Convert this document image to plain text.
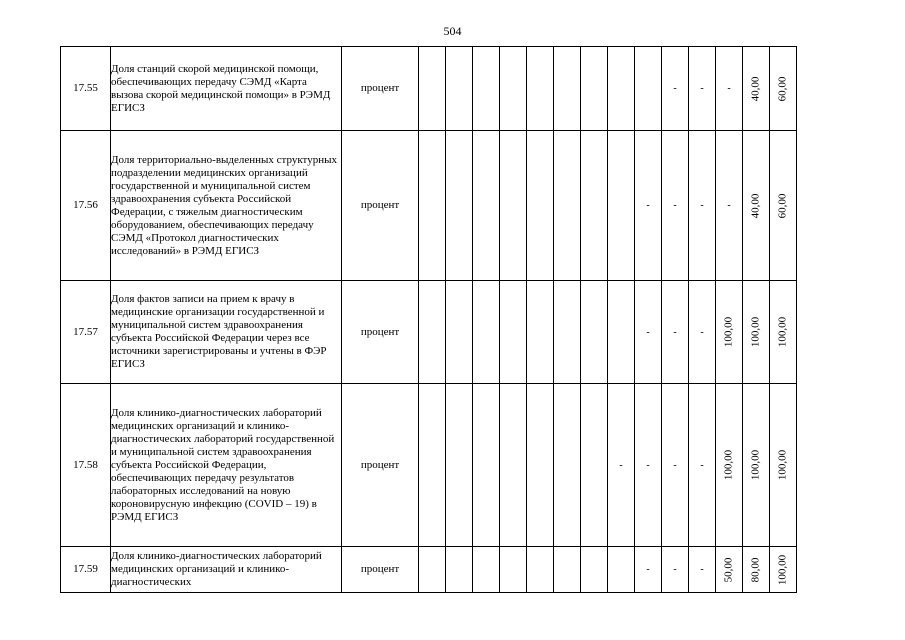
504
17.55	Доля станций скорой медицинской помощи, обеспечивающих передачу СЭМД «Карта вызова скорой медицинской помощи» в РЭМД ЕГИСЗ	процент										-	-	-	40,00	60,00

17.56	Доля территориально-выделенных структурных подразделении медицинских организаций государственной и муниципальной систем здравоохранения субъекта Российской Федерации, с тяжелым диагностическим оборудованием, обеспечивающих передачу СЭМД «Протокол диагностических исследований» в РЭМД ЕГИСЗ	процент									-	-	-	-	40,00	60,00

17.57	Доля фактов записи на прием к врачу в медицинские организации государственной и муниципальной систем здравоохранения субъекта Российской Федерации через все источники зарегистрированы и учтены в ФЭР ЕГИСЗ	процент									-	-	-	100,00	100,00	100,00

17.58	Доля клинико-диагностических лабораторий медицинских организаций и клинико-диагностических лабораторий государственной и муниципальной систем здравоохранения субъекта Российской Федерации, обеспечивающих передачу результатов лабораторных исследований на новую короновирусную инфекцию (COVID – 19) в РЭМД ЕГИСЗ	процент								-	-	-	-	100,00	100,00	100,00

17.59	Доля клинико-диагностических лабораторий медицинских организаций и клинико-диагностических	процент									-	-	-	50,00	80,00	100,00
